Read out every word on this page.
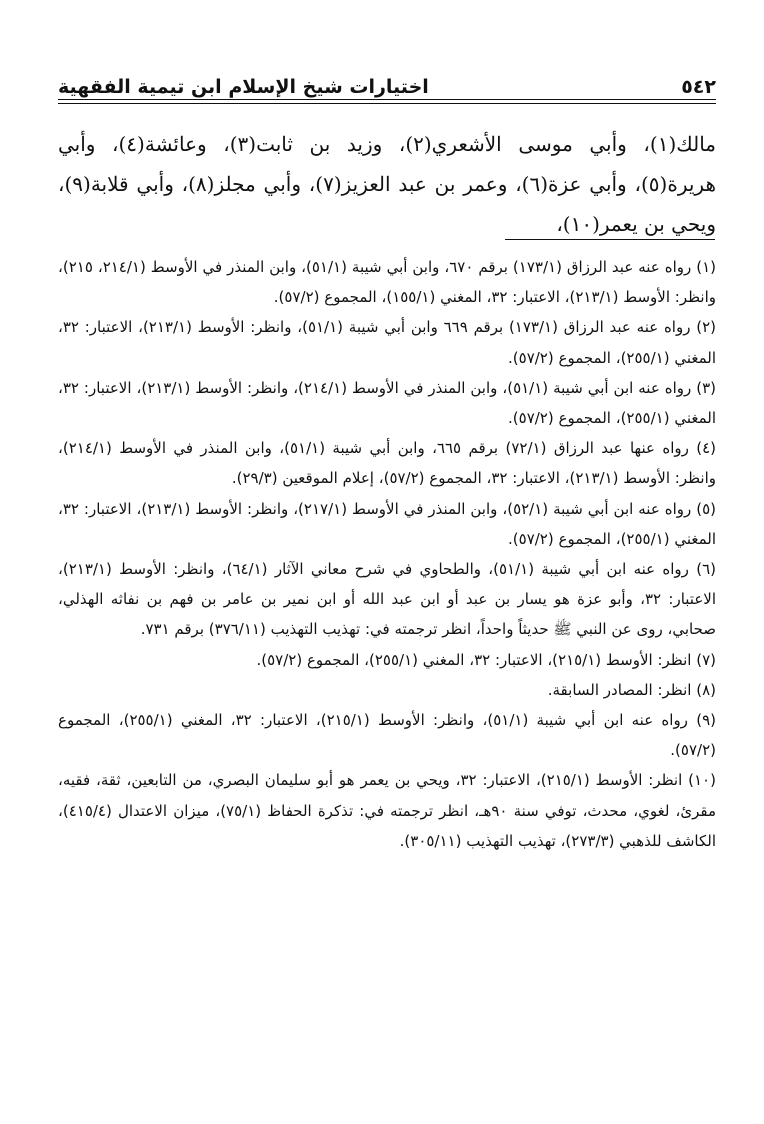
٥٤٢
اختيارات شيخ الإسلام ابن تيمية الفقهية
مالك(١)، وأبي موسى الأشعري(٢)، وزيد بن ثابت(٣)، وعائشة(٤)، وأبي هريرة(٥)، وأبي عزة(٦)، وعمر بن عبد العزيز(٧)، وأبي مجلز(٨)، وأبي قلابة(٩)، ويحي بن يعمر(١٠)،

(١) رواه عنه عبد الرزاق (١٧٣/١) برقم ٦٧٠، وابن أبي شيبة (٥١/١)، وابن المنذر في الأوسط (٢١٤/١، ٢١٥)، وانظر: الأوسط (٢١٣/١)، الاعتبار: ٣٢، المغني (١٥٥/١)، المجموع (٥٧/٢).

(٢) رواه عنه عبد الرزاق (١٧٣/١) برقم ٦٦٩ وابن أبي شيبة (٥١/١)، وانظر: الأوسط (٢١٣/١)، الاعتبار: ٣٢، المغني (٢٥٥/١)، المجموع (٥٧/٢).

(٣) رواه عنه ابن أبي شيبة (٥١/١)، وابن المنذر في الأوسط (٢١٤/١)، وانظر: الأوسط (٢١٣/١)، الاعتبار: ٣٢، المغني (٢٥٥/١)، المجموع (٥٧/٢).

(٤) رواه عنها عبد الرزاق (٧٢/١) برقم ٦٦٥، وابن أبي شيبة (٥١/١)، وابن المنذر في الأوسط (٢١٤/١)، وانظر: الأوسط (٢١٣/١)، الاعتبار: ٣٢، المجموع (٥٧/٢)، إعلام الموقعين (٢٩/٣).

(٥) رواه عنه ابن أبي شيبة (٥٢/١)، وابن المنذر في الأوسط (٢١٧/١)، وانظر: الأوسط (٢١٣/١)، الاعتبار: ٣٢، المغني (٢٥٥/١)، المجموع (٥٧/٢).

(٦) رواه عنه ابن أبي شيبة (٥١/١)، والطحاوي في شرح معاني الآثار (٦٤/١)، وانظر: الأوسط (٢١٣/١)، الاعتبار: ٣٢، وأبو عزة هو يسار بن عبد أو ابن عبد الله أو ابن نمير بن عامر بن فهم بن نفاثه الهذلي، صحابي، روى عن النبي ﷺ حديثاً واحداً، انظر ترجمته في: تهذيب التهذيب (٣٧٦/١١) برقم ٧٣١.

(٧) انظر: الأوسط (٢١٥/١)، الاعتبار: ٣٢، المغني (٢٥٥/١)، المجموع (٥٧/٢).

(٨) انظر: المصادر السابقة.

(٩) رواه عنه ابن أبي شيبة (٥١/١)، وانظر: الأوسط (٢١٥/١)، الاعتبار: ٣٢، المغني (٢٥٥/١)، المجموع (٥٧/٢).

(١٠) انظر: الأوسط (٢١٥/١)، الاعتبار: ٣٢، ويحي بن يعمر هو أبو سليمان البصري، من التابعين، ثقة، فقيه، مقرئ، لغوي، محدث، توفي سنة ٩٠هـ، انظر ترجمته في: تذكرة الحفاظ (٧٥/١)، ميزان الاعتدال (٤١٥/٤)، الكاشف للذهبي (٢٧٣/٣)، تهذيب التهذيب (٣٠٥/١١).
